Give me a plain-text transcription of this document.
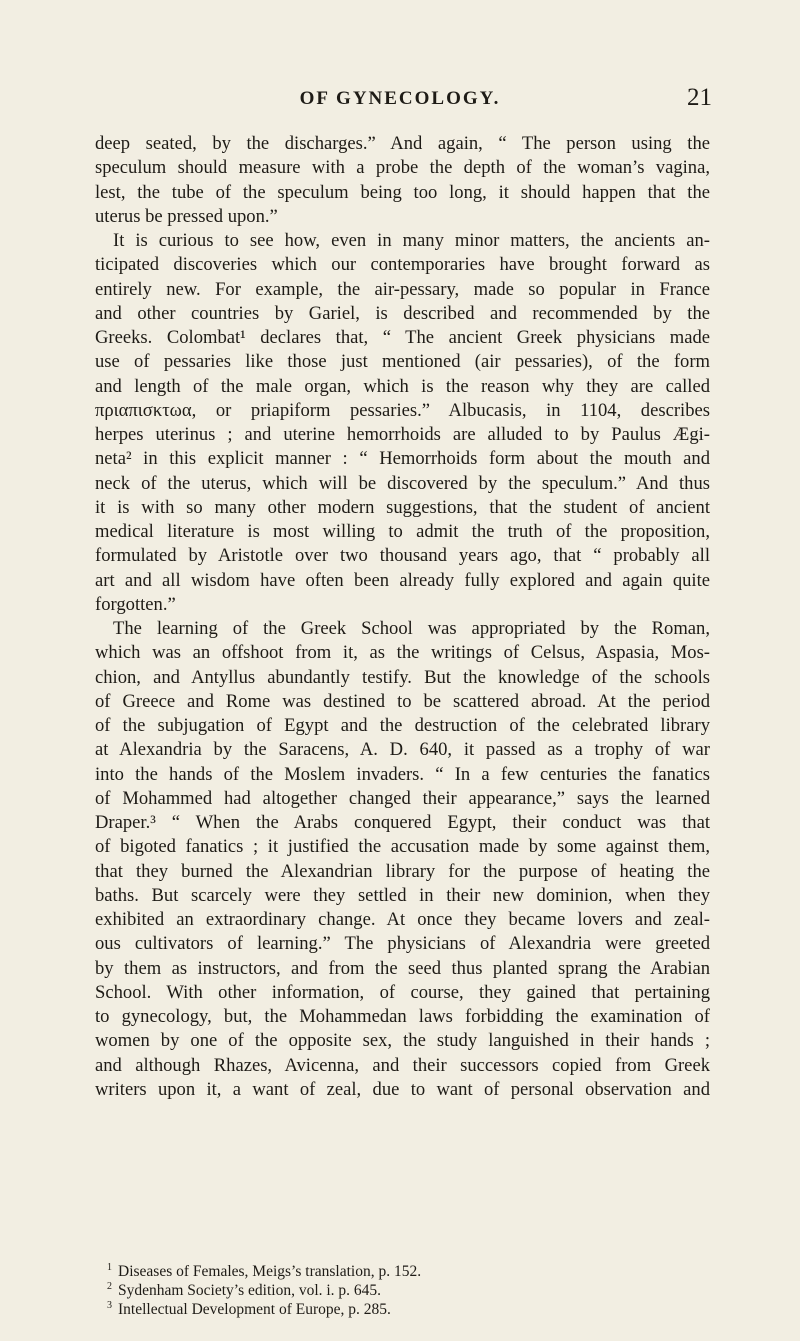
OF GYNECOLOGY.	21
deep seated, by the discharges.” And again, “ The person using the
speculum should measure with a probe the depth of the woman’s vagina,
lest, the tube of the speculum being too long, it should happen that the
uterus be pressed upon.”
It is curious to see how, even in many minor matters, the ancients an-
ticipated discoveries which our contemporaries have brought forward as
entirely new. For example, the air-pessary, made so popular in France
and other countries by Gariel, is described and recommended by the
Greeks. Colombat¹ declares that, “ The ancient Greek physicians made
use of pessaries like those just mentioned (air pessaries), of the form
and length of the male organ, which is the reason why they are called
πριαπισκτωα, or priapiform pessaries.” Albucasis, in 1104, describes
herpes uterinus ; and uterine hemorrhoids are alluded to by Paulus Ægi-
neta² in this explicit manner : “ Hemorrhoids form about the mouth and
neck of the uterus, which will be discovered by the speculum.” And thus
it is with so many other modern suggestions, that the student of ancient
medical literature is most willing to admit the truth of the proposition,
formulated by Aristotle over two thousand years ago, that “ probably all
art and all wisdom have often been already fully explored and again quite
forgotten.”
The learning of the Greek School was appropriated by the Roman,
which was an offshoot from it, as the writings of Celsus, Aspasia, Mos-
chion, and Antyllus abundantly testify. But the knowledge of the schools
of Greece and Rome was destined to be scattered abroad. At the period
of the subjugation of Egypt and the destruction of the celebrated library
at Alexandria by the Saracens, A. D. 640, it passed as a trophy of war
into the hands of the Moslem invaders. “ In a few centuries the fanatics
of Mohammed had altogether changed their appearance,” says the learned
Draper.³ “ When the Arabs conquered Egypt, their conduct was that
of bigoted fanatics ; it justified the accusation made by some against them,
that they burned the Alexandrian library for the purpose of heating the
baths. But scarcely were they settled in their new dominion, when they
exhibited an extraordinary change. At once they became lovers and zeal-
ous cultivators of learning.” The physicians of Alexandria were greeted
by them as instructors, and from the seed thus planted sprang the Arabian
School. With other information, of course, they gained that pertaining
to gynecology, but, the Mohammedan laws forbidding the examination of
women by one of the opposite sex, the study languished in their hands ;
and although Rhazes, Avicenna, and their successors copied from Greek
writers upon it, a want of zeal, due to want of personal observation and
$^1$ Diseases of Females, Meigs’s translation, p. 152.
$^2$ Sydenham Society’s edition, vol. i. p. 645.
$^3$ Intellectual Development of Europe, p. 285.
